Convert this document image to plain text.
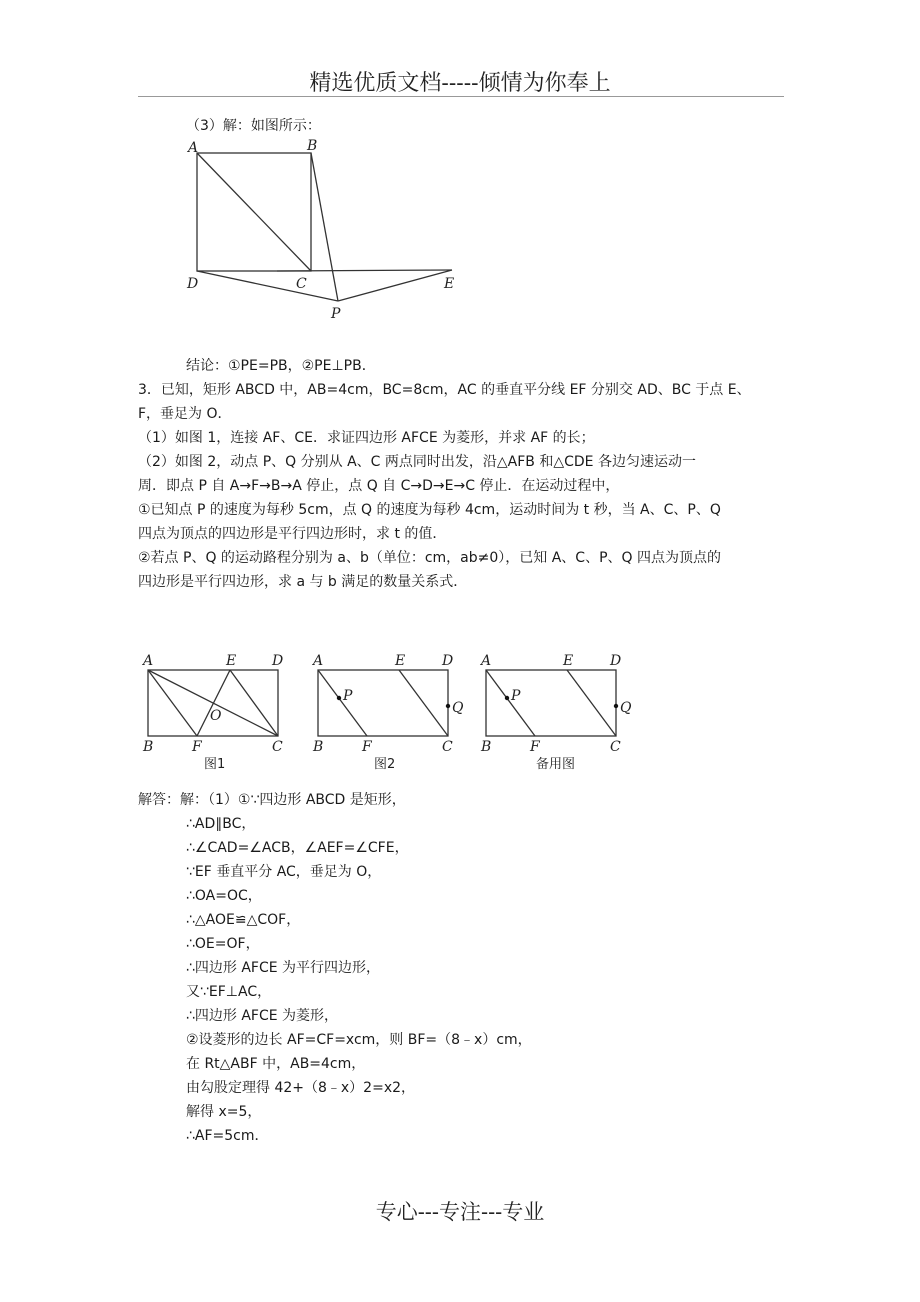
精选优质文档-----倾情为你奉上
（3）解：如图所示：
A	B
D	C	E
P
结论：①PE=PB，②PE⊥PB．
3．已知，矩形 ABCD 中，AB=4cm，BC=8cm，AC 的垂直平分线 EF 分别交 AD、BC 于点 E、
F，垂足为 O．
（1）如图 1，连接 AF、CE．求证四边形 AFCE 为菱形，并求 AF 的长；
（2）如图 2，动点 P、Q 分别从 A、C 两点同时出发，沿△AFB 和△CDE 各边匀速运动一
周．即点 P 自 A→F→B→A 停止，点 Q 自 C→D→E→C 停止．在运动过程中，
①已知点 P 的速度为每秒 5cm，点 Q 的速度为每秒 4cm，运动时间为 t 秒，当 A、C、P、Q
四点为顶点的四边形是平行四边形时，求 t 的值．
②若点 P、Q 的运动路程分别为 a、b（单位：cm，ab≠0），已知 A、C、P、Q 四点为顶点的
四边形是平行四边形，求 a 与 b 满足的数量关系式．
A	E	D
O
B	F	C
图1
A	E	D
P
Q
B	F	C
图2
A	E	D
P
Q
B	F	C
备用图
解答：解：（1）①∵四边形 ABCD 是矩形，
∴AD∥BC，
∴∠CAD=∠ACB，∠AEF=∠CFE，
∵EF 垂直平分 AC，垂足为 O，
∴OA=OC，
∴△AOE≌△COF，
∴OE=OF，
∴四边形 AFCE 为平行四边形，
又∵EF⊥AC，
∴四边形 AFCE 为菱形，
②设菱形的边长 AF=CF=xcm，则 BF=（8﹣x）cm，
在 Rt△ABF 中，AB=4cm，
由勾股定理得 42+（8﹣x）2=x2，
解得 x=5，
∴AF=5cm．
专心---专注---专业
